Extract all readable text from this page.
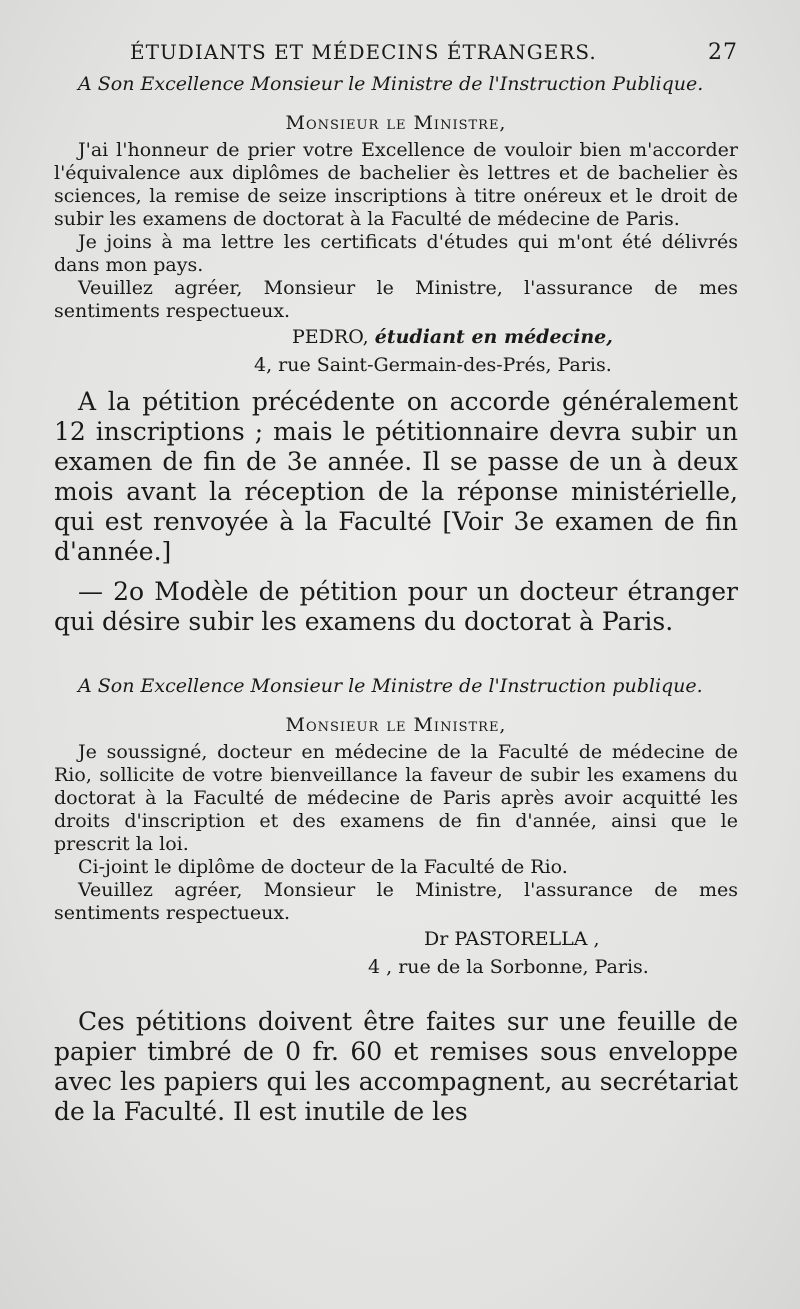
ÉTUDIANTS ET MÉDECINS ÉTRANGERS.	27

A Son Excellence Monsieur le Ministre de l'Instruction Publique.

Monsieur le Ministre,

J'ai l'honneur de prier votre Excellence de vouloir bien m'accorder l'équivalence aux diplômes de bachelier ès lettres et de bachelier ès sciences, la remise de seize inscriptions à titre onéreux et le droit de subir les examens de doctorat à la Faculté de médecine de Paris.

Je joins à ma lettre les certificats d'études qui m'ont été délivrés dans mon pays.

Veuillez agréer, Monsieur le Ministre, l'assurance de mes sentiments respectueux.

PEDRO, étudiant en médecine,
4, rue Saint-Germain-des-Prés, Paris.

A la pétition précédente on accorde généralement 12 inscriptions ; mais le pétitionnaire devra subir un examen de fin de 3e année. Il se passe de un à deux mois avant la réception de la réponse ministérielle, qui est renvoyée à la Faculté [Voir 3e examen de fin d'année.]

— 2o Modèle de pétition pour un docteur étranger qui désire subir les examens du doctorat à Paris.

A Son Excellence Monsieur le Ministre de l'Instruction publique.

Monsieur le Ministre,

Je soussigné, docteur en médecine de la Faculté de médecine de Rio, sollicite de votre bienveillance la faveur de subir les examens du doctorat à la Faculté de médecine de Paris après avoir acquitté les droits d'inscription et des examens de fin d'année, ainsi que le prescrit la loi.

Ci-joint le diplôme de docteur de la Faculté de Rio.

Veuillez agréer, Monsieur le Ministre, l'assurance de mes sentiments respectueux.

Dr PASTORELLA ,
4 , rue de la Sorbonne, Paris.

Ces pétitions doivent être faites sur une feuille de papier timbré de 0 fr. 60 et remises sous enveloppe avec les papiers qui les accompagnent, au secrétariat de la Faculté. Il est inutile de les
